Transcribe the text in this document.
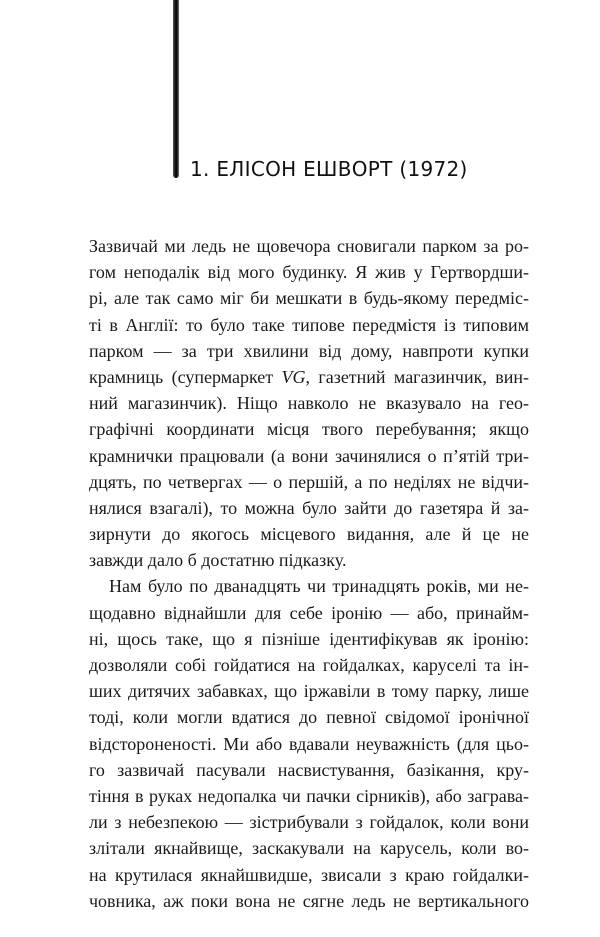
1. ЕЛІСОН ЕШВОРТ (1972)
Зазвичай ми ледь не щовечора сновигали парком за ро-
гом неподалік від мого будинку. Я жив у Гертвордши-
рі, але так само міг би мешкати в будь-якому передміс-
ті в Англії: то було таке типове передмістя із типовим
парком — за три хвилини від дому, навпроти купки
крамниць (супермаркет VG, газетний магазинчик, вин-
ний магазинчик). Ніщо навколо не вказувало на гео-
графічні координати місця твого перебування; якщо
крамнички працювали (а вони зачинялися о п’ятій три-
дцять, по четвергах — о першій, а по неділях не відчи-
нялися взагалі), то можна було зайти до газетяра й за-
зирнути до якогось місцевого видання, але й це не
завжди дало б достатню підказку.
Нам було по дванадцять чи тринадцять років, ми не-
щодавно віднайшли для себе іронію — або, принайм-
ні, щось таке, що я пізніше ідентифікував як іронію:
дозволяли собі гойдатися на гойдалках, каруселі та ін-
ших дитячих забавках, що іржавіли в тому парку, лише
тоді, коли могли вдатися до певної свідомої іронічної
відстороненості. Ми або вдавали неуважність (для цьо-
го зазвичай пасували насвистування, базікання, кру-
тіння в руках недопалка чи пачки сірників), або заграва-
ли з небезпекою — зістрибували з гойдалок, коли вони
злітали якнайвище, заскакували на карусель, коли во-
на крутилася якнайшвидше, звисали з краю гойдалки-
човника, аж поки вона не сягне ледь не вертикального
